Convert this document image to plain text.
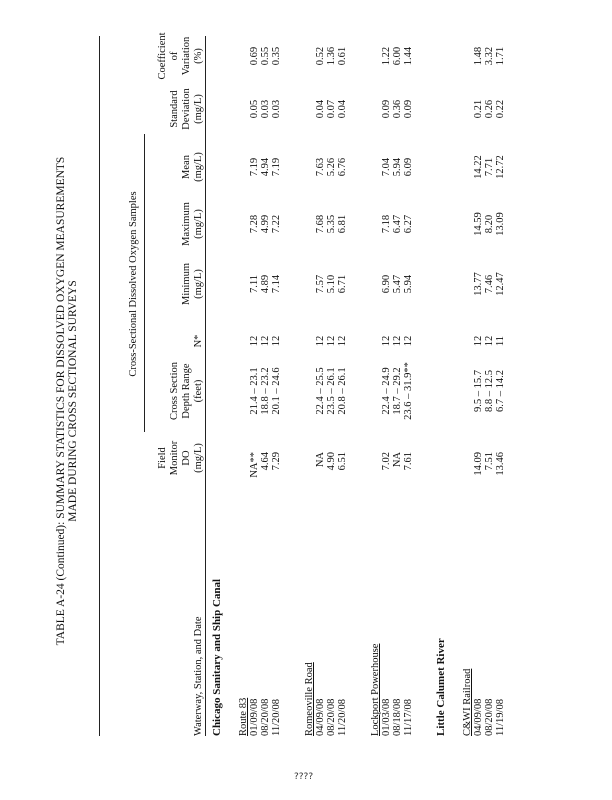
TABLE A-24 (Continued): SUMMARY STATISTICS FOR DISSOLVED OXYGEN MEASUREMENTS MADE DURING CROSS SECTIONAL SURVEYS	Cross-Sectional Dissolved Oxygen Samples
Waterway, Station, and Date
Field Monitor DO (mg/L)
Cross Section Depth Range (feet)
N*
Minimum (mg/L)
Maximum (mg/L)
Mean (mg/L)
Standard Deviation (mg/L)
Coefficient of Variation (%)
Chicago Sanitary and Ship Canal Route 83 01/09/08
NA**
21.4 – 23.1
12
7.11
7.28
7.19
0.05
0.69
08/20/08
4.64
18.8 – 23.2
12
4.89
4.99
4.94
0.03
0.55
11/20/08
7.29
20.1 – 24.6
12
7.14
7.22
7.19
0.03
0.35
Romeoville Road 04/09/08
NA
22.4 – 25.5
12
7.57
7.68
7.63
0.04
0.52
08/20/08
4.90
23.5 – 26.1
12
5.10
5.35
5.26
0.07
1.36
11/20/08
6.51
20.8 – 26.1
12
6.71
6.81
6.76
0.04
0.61
Lockport Powerhouse 01/03/08
7.02
22.4 – 24.9
12
6.90
7.18
7.04
0.09
1.22
08/18/08
NA
18.7 – 29.2
12
5.47
6.47
5.94
0.36
6.00
11/17/08
7.61
23.6 – 31.9**
12
5.94
6.27
6.09
0.09
1.44
Little Calumet River C&WI Railroad 04/09/08
14.09
9.5 – 15.7
12
13.77
14.59
14.22
0.21
1.48
08/20/08
7.51
8.8 – 12.5
12
7.46
8.20
7.71
0.26
3.32
11/19/08
13.46
6.7 – 14.2
11
12.47
13.09
12.72
0.22
1.71
????
